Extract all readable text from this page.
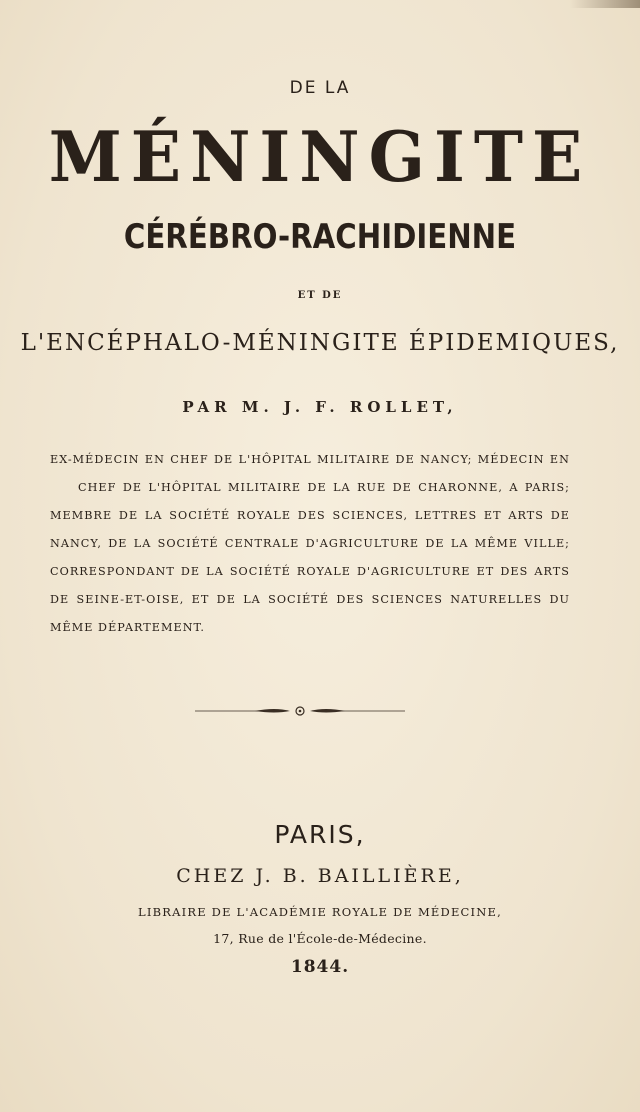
DE LA
MÉNINGITE
CÉRÉBRO-RACHIDIENNE
ET DE
L'ENCÉPHALO-MÉNINGITE ÉPIDEMIQUES,
PAR M. J. F. ROLLET,
EX-MÉDECIN EN CHEF DE L'HÔPITAL MILITAIRE DE NANCY; MÉDECIN EN
CHEF DE L'HÔPITAL MILITAIRE DE LA RUE DE CHARONNE, A PARIS;
MEMBRE DE LA SOCIÉTÉ ROYALE DES SCIENCES, LETTRES ET ARTS DE
NANCY, DE LA SOCIÉTÉ CENTRALE D'AGRICULTURE DE LA MÊME VILLE;
CORRESPONDANT DE LA SOCIÉTÉ ROYALE D'AGRICULTURE ET DES ARTS
DE SEINE-ET-OISE, ET DE LA SOCIÉTÉ DES SCIENCES NATURELLES DU
MÊME DÉPARTEMENT.
PARIS,
CHEZ J. B. BAILLIÈRE,
LIBRAIRE DE L'ACADÉMIE ROYALE DE MÉDECINE,
17, Rue de l'École-de-Médecine.
1844.
